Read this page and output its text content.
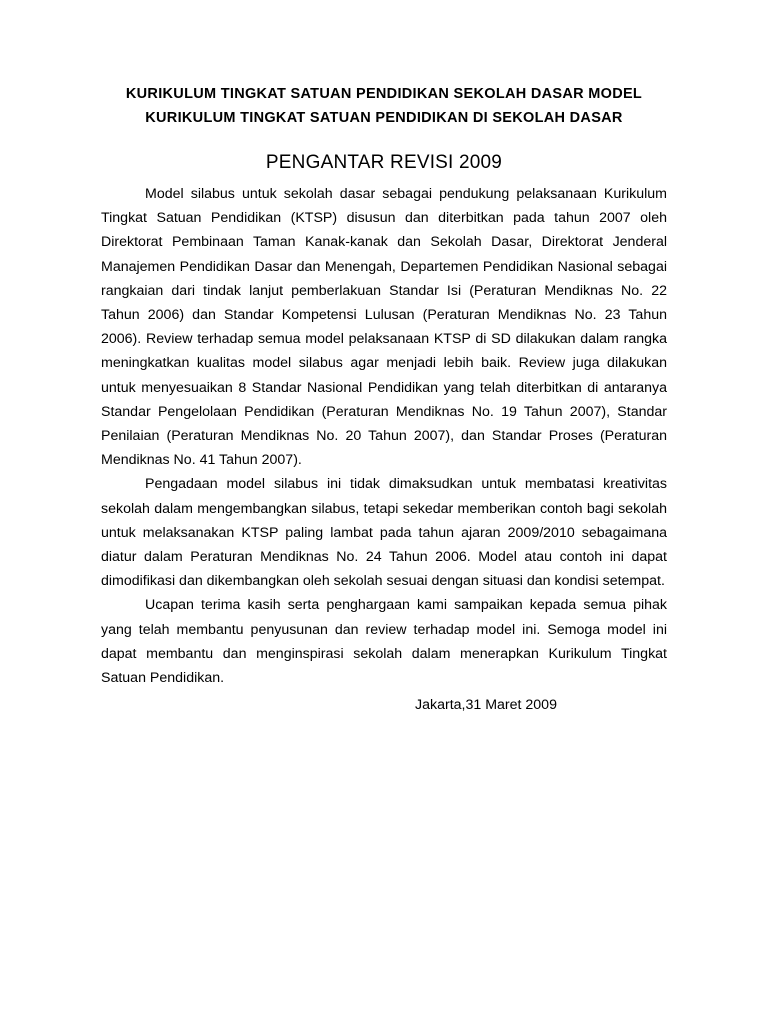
KURIKULUM TINGKAT SATUAN PENDIDIKAN SEKOLAH DASAR MODEL
KURIKULUM TINGKAT SATUAN PENDIDIKAN DI SEKOLAH DASAR
PENGANTAR REVISI 2009

Model silabus untuk sekolah dasar sebagai pendukung pelaksanaan Kurikulum Tingkat Satuan Pendidikan (KTSP) disusun dan diterbitkan pada tahun 2007 oleh Direktorat Pembinaan Taman Kanak-kanak dan Sekolah Dasar, Direktorat Jenderal Manajemen Pendidikan Dasar dan Menengah, Departemen Pendidikan Nasional sebagai rangkaian dari tindak lanjut pemberlakuan Standar Isi (Peraturan Mendiknas No. 22 Tahun 2006) dan Standar Kompetensi Lulusan (Peraturan Mendiknas No. 23 Tahun 2006). Review terhadap semua model pelaksanaan KTSP di SD dilakukan dalam rangka meningkatkan kualitas model silabus agar menjadi lebih baik. Review juga dilakukan untuk menyesuaikan 8 Standar Nasional Pendidikan yang telah diterbitkan di antaranya Standar Pengelolaan Pendidikan (Peraturan Mendiknas No. 19 Tahun 2007), Standar Penilaian (Peraturan Mendiknas No. 20 Tahun 2007), dan Standar Proses (Peraturan Mendiknas No. 41 Tahun 2007).

Pengadaan model silabus ini tidak dimaksudkan untuk membatasi kreativitas sekolah dalam mengembangkan silabus, tetapi sekedar memberikan contoh bagi sekolah untuk melaksanakan KTSP paling lambat pada tahun ajaran 2009/2010 sebagaimana diatur dalam Peraturan Mendiknas No. 24 Tahun 2006. Model atau contoh ini dapat dimodifikasi dan dikembangkan oleh sekolah sesuai dengan situasi dan kondisi setempat.

Ucapan terima kasih serta penghargaan kami sampaikan kepada semua pihak yang telah membantu penyusunan dan review terhadap model ini. Semoga model ini dapat membantu dan menginspirasi sekolah dalam menerapkan Kurikulum Tingkat Satuan Pendidikan.

Jakarta,31 Maret 2009
